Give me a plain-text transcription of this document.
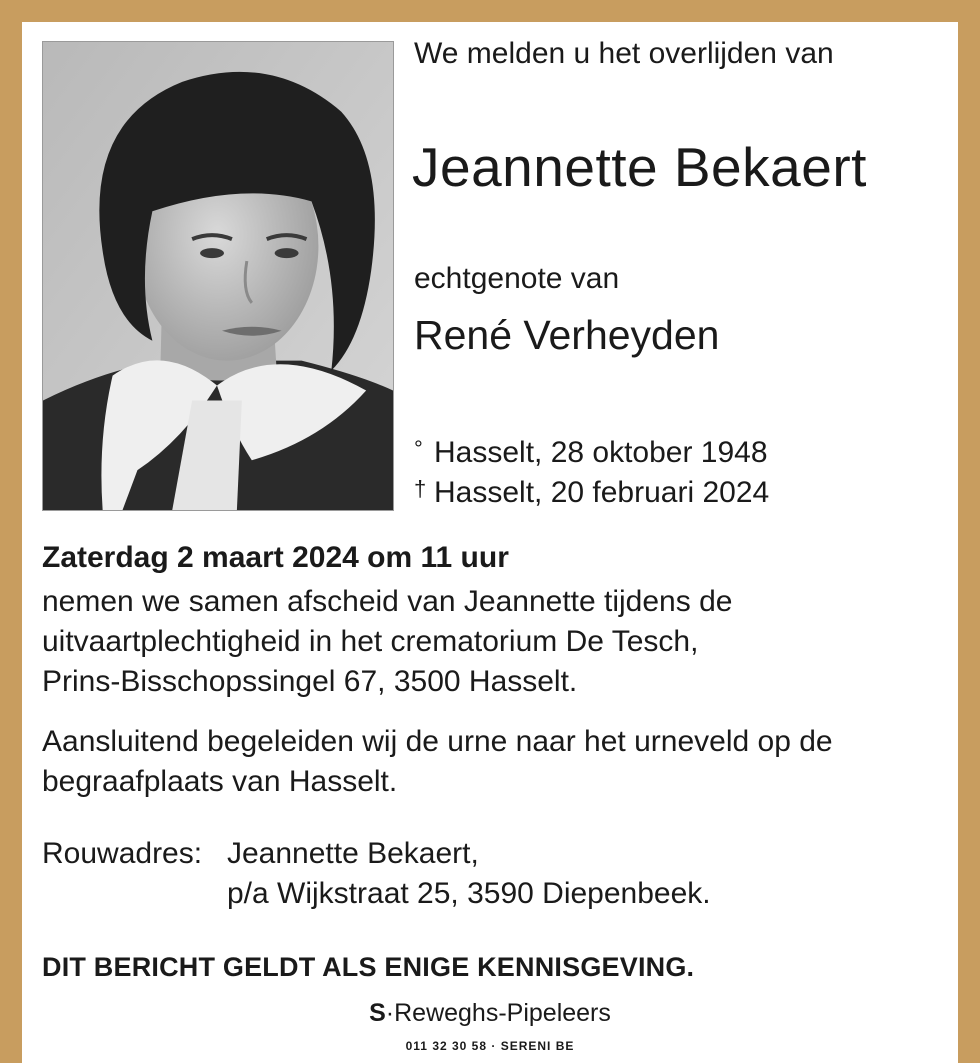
We melden u het overlijden van
Jeannette Bekaert
echtgenote van
René Verheyden
° Hasselt, 28 oktober 1948
† Hasselt, 20 februari 2024
Zaterdag 2 maart 2024 om 11 uur
nemen we samen afscheid van Jeannette tijdens de
uitvaartplechtigheid in het crematorium De Tesch,
Prins-Bisschopssingel 67, 3500 Hasselt.
Aansluitend begeleiden wij de urne naar het urneveld op de
begraafplaats van Hasselt.
Rouwadres: Jeannette Bekaert,
p/a Wijkstraat 25, 3590 Diepenbeek.
DIT BERICHT GELDT ALS ENIGE KENNISGEVING.
S·Reweghs-Pipeleers
011 32 30 58 · SERENI BE
